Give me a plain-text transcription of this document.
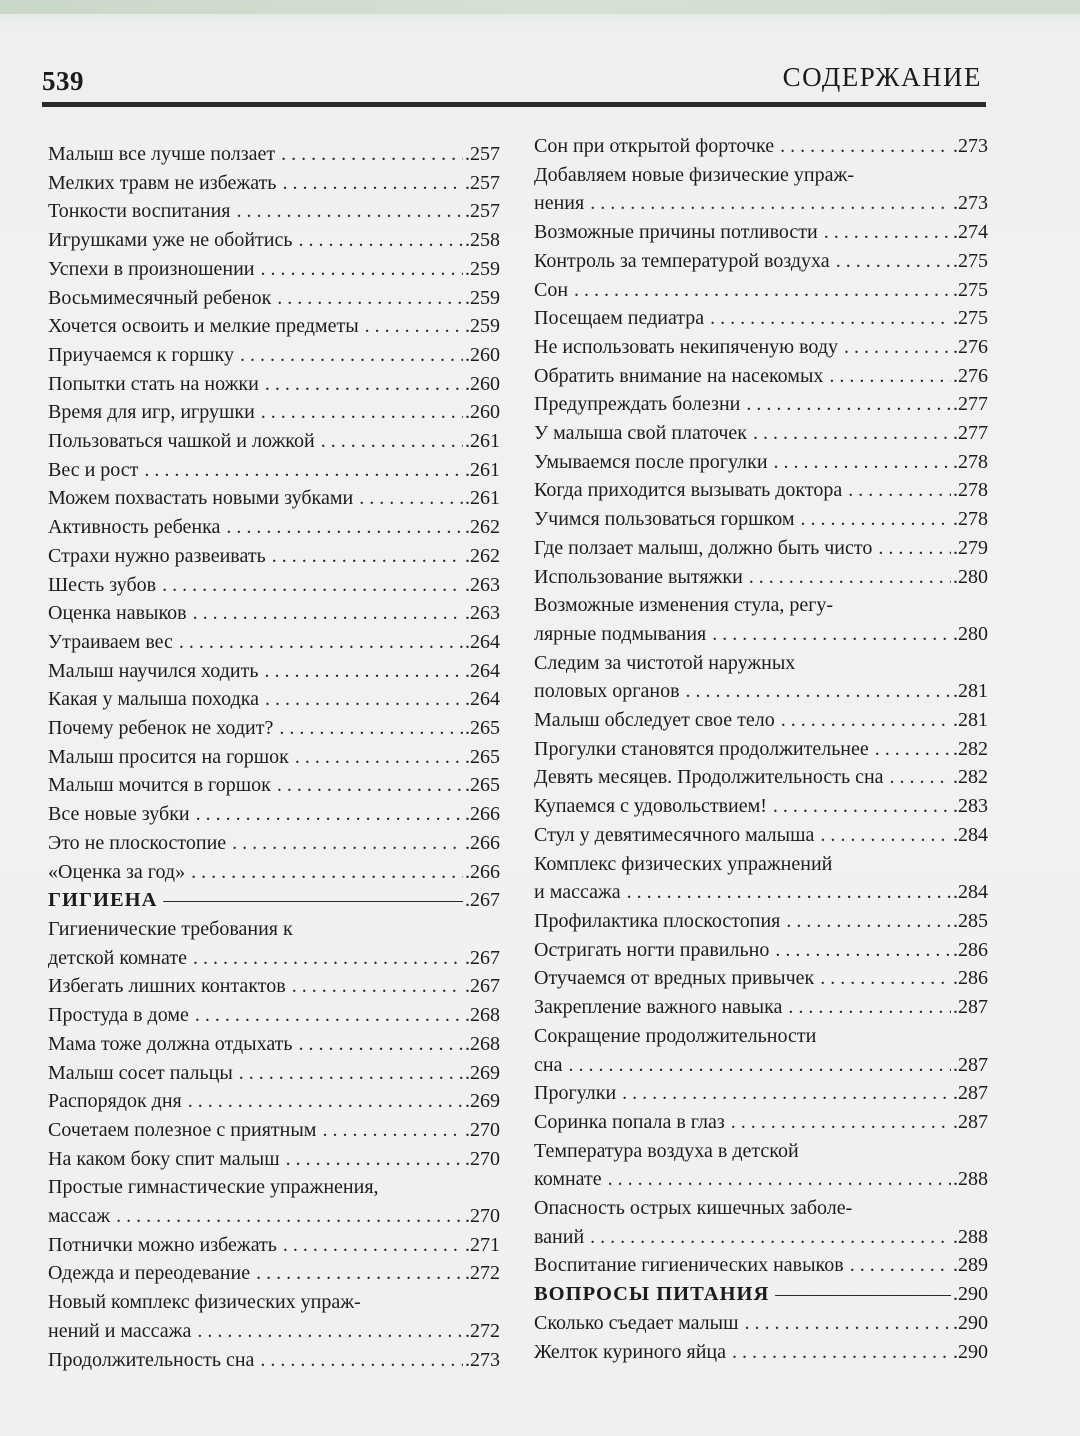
539	СОДЕРЖАНИЕ
Малыш все лучше ползает . . .	.257
Мелких травм не избежать . . .	.257
Тонкости воспитания . . .	.257
Игрушками уже не обойтись . . .	.258
Успехи в произношении . . .	.259
Восьмимесячный ребенок . . .	.259
Хочется освоить и мелкие предметы . . .	.259
Приучаемся к горшку . . .	.260
Попытки стать на ножки . . .	.260
Время для игр, игрушки . . .	.260
Пользоваться чашкой и ложкой . . .	.261
Вес и рост . . .	.261
Можем похвастать новыми зубками . . .	.261
Активность ребенка . . .	.262
Страхи нужно развеивать . . .	.262
Шесть зубов . . .	.263
Оценка навыков . . .	.263
Утраиваем вес . . .	.264
Малыш научился ходить . . .	.264
Какая у малыша походка . . .	.264
Почему ребенок не ходит? . . .	.265
Малыш просится на горшок . . .	.265
Малыш мочится в горшок . . .	.265
Все новые зубки . . .	.266
Это не плоскостопие . . .	.266
«Оценка за год» . . .	.266
ГИГИЕНА —————	.267
Гигиенические требования к
детской комнате . . .	.267
Избегать лишних контактов . . .	.267
Простуда в доме . . .	.268
Мама тоже должна отдыхать . . .	.268
Малыш сосет пальцы . . .	.269
Распорядок дня . . .	.269
Сочетаем полезное с приятным . . .	.270
На каком боку спит малыш . . .	.270
Простые гимнастические упражнения,
массаж . . .	.270
Потнички можно избежать . . .	.271
Одежда и переодевание . . .	.272
Новый комплекс физических упраж-
нений и массажа . . .	.272
Продолжительность сна . . .	.273
Сон при открытой форточке . . .	.273
Добавляем новые физические упраж-
нения . . .	.273
Возможные причины потливости . . .	.274
Контроль за температурой воздуха . . .	.275
Сон . . .	.275
Посещаем педиатра . . .	.275
Не использовать некипяченую воду . . .	.276
Обратить внимание на насекомых . . .	.276
Предупреждать болезни . . .	.277
У малыша свой платочек . . .	.277
Умываемся после прогулки . . .	.278
Когда приходится вызывать доктора . . .	.278
Учимся пользоваться горшком . . .	.278
Где ползает малыш, должно быть чисто . . .	.279
Использование вытяжки . . .	.280
Возможные изменения стула, регу-
лярные подмывания . . .	.280
Следим за чистотой наружных
половых органов . . .	.281
Малыш обследует свое тело . . .	.281
Прогулки становятся продолжительнее . . .	.282
Девять месяцев. Продолжительность сна . . .	.282
Купаемся с удовольствием! . . .	.283
Стул у девятимесячного малыша . . .	.284
Комплекс физических упражнений
и массажа . . .	.284
Профилактика плоскостопия . . .	.285
Остригать ногти правильно . . .	.286
Отучаемся от вредных привычек . . .	.286
Закрепление важного навыка . . .	.287
Сокращение продолжительности
сна . . .	.287
Прогулки . . .	.287
Соринка попала в глаз . . .	.287
Температура воздуха в детской
комнате . . .	.288
Опасность острых кишечных заболе-
ваний . . .	.288
Воспитание гигиенических навыков . . .	.289
ВОПРОСЫ ПИТАНИЯ —————	.290
Сколько съедает малыш . . .	.290
Желток куриного яйца . . .	.290
